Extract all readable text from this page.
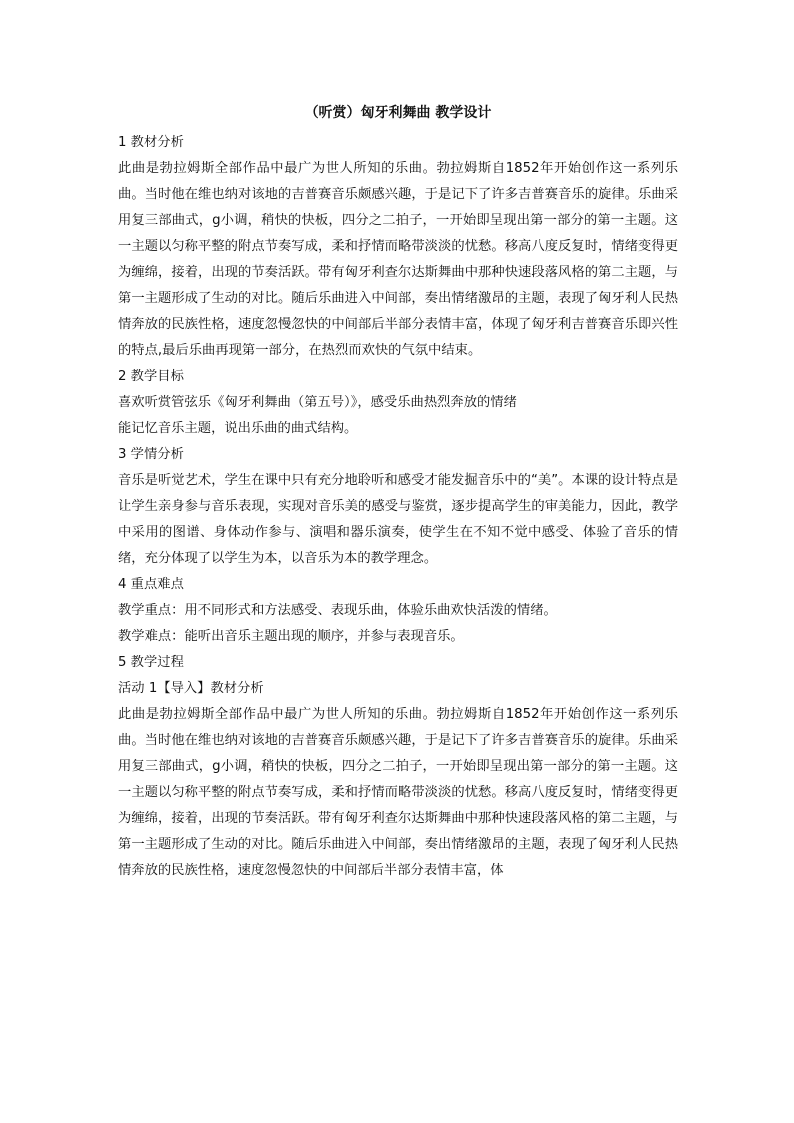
（听赏）匈牙利舞曲 教学设计

1 教材分析

此曲是勃拉姆斯全部作品中最广为世人所知的乐曲。勃拉姆斯自1852年开始创作这一系列乐曲。当时他在维也纳对该地的吉普赛音乐颇感兴趣，于是记下了许多吉普赛音乐的旋律。乐曲采用复三部曲式，g小调，稍快的快板，四分之二拍子，一开始即呈现出第一部分的第一主题。这一主题以匀称平整的附点节奏写成，柔和抒情而略带淡淡的忧愁。移高八度反复时，情绪变得更为缠绵，接着，出现的节奏活跃。带有匈牙利查尔达斯舞曲中那种快速段落风格的第二主题，与第一主题形成了生动的对比。随后乐曲进入中间部，奏出情绪激昂的主题，表现了匈牙利人民热情奔放的民族性格，速度忽慢忽快的中间部后半部分表情丰富，体现了匈牙利吉普赛音乐即兴性的特点,最后乐曲再现第一部分，在热烈而欢快的气氛中结束。

2 教学目标

喜欢听赏管弦乐《匈牙利舞曲（第五号）》，感受乐曲热烈奔放的情绪

能记忆音乐主题，说出乐曲的曲式结构。

3 学情分析

音乐是听觉艺术，学生在课中只有充分地聆听和感受才能发掘音乐中的“美”。本课的设计特点是让学生亲身参与音乐表现，实现对音乐美的感受与鉴赏，逐步提高学生的审美能力，因此，教学中采用的图谱、身体动作参与、演唱和器乐演奏，使学生在不知不觉中感受、体验了音乐的情绪，充分体现了以学生为本，以音乐为本的教学理念。

4 重点难点

教学重点：用不同形式和方法感受、表现乐曲，体验乐曲欢快活泼的情绪。

教学难点：能听出音乐主题出现的顺序，并参与表现音乐。

5 教学过程

活动 1【导入】教材分析

此曲是勃拉姆斯全部作品中最广为世人所知的乐曲。勃拉姆斯自1852年开始创作这一系列乐曲。当时他在维也纳对该地的吉普赛音乐颇感兴趣，于是记下了许多吉普赛音乐的旋律。乐曲采用复三部曲式，g小调，稍快的快板，四分之二拍子，一开始即呈现出第一部分的第一主题。这一主题以匀称平整的附点节奏写成，柔和抒情而略带淡淡的忧愁。移高八度反复时，情绪变得更为缠绵，接着，出现的节奏活跃。带有匈牙利查尔达斯舞曲中那种快速段落风格的第二主题，与第一主题形成了生动的对比。随后乐曲进入中间部，奏出情绪激昂的主题，表现了匈牙利人民热情奔放的民族性格，速度忽慢忽快的中间部后半部分表情丰富，体
